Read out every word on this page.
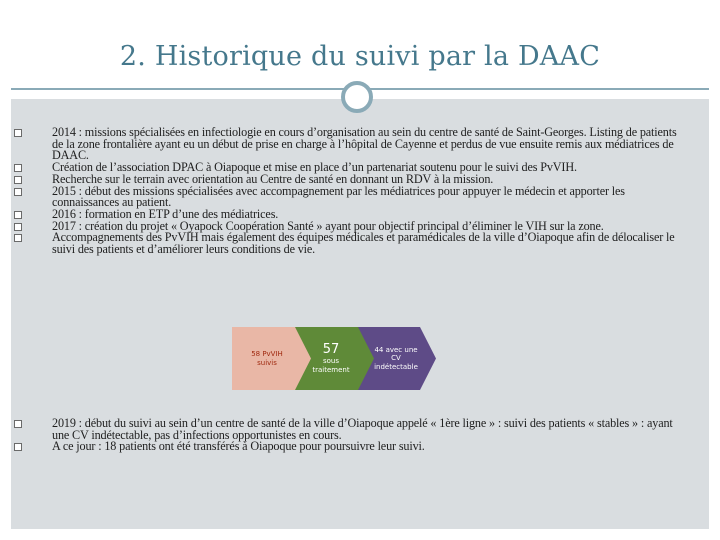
2. Historique du suivi par la DAAC
2014 : missions spécialisées en infectiologie en cours d’organisation au sein du centre de santé de Saint-Georges. Listing de patients de la zone frontalière ayant eu un début de prise en charge à l’hôpital de Cayenne et perdus de vue ensuite remis aux médiatrices de DAAC.
Création de l’association DPAC à Oiapoque et mise en place d’un partenariat soutenu pour le suivi des PvVIH.
Recherche sur le terrain avec orientation au Centre de santé en donnant un RDV à la mission.
2015 : début des missions spécialisées avec accompagnement par les médiatrices pour appuyer le médecin et apporter les connaissances au patient.
2016 : formation en ETP d’une des médiatrices.
2017 : création du projet « Oyapock Coopération Santé » ayant pour objectif principal d’éliminer le VIH sur la zone.
Accompagnements des PvVIH mais également des équipes médicales et paramédicales de la ville d’Oiapoque afin de délocaliser le suivi des patients et d’améliorer leurs conditions de vie.
58 PvVIH
suivis
57
sous
traitement
44 avec une
CV
indétectable
2019 : début du suivi au sein d’un centre de santé de la ville d’Oiapoque appelé « 1ère ligne » : suivi des patients « stables » : ayant une CV indétectable, pas d’infections opportunistes en cours.
A ce jour : 18 patients ont été transférés à Oiapoque pour poursuivre leur suivi.
